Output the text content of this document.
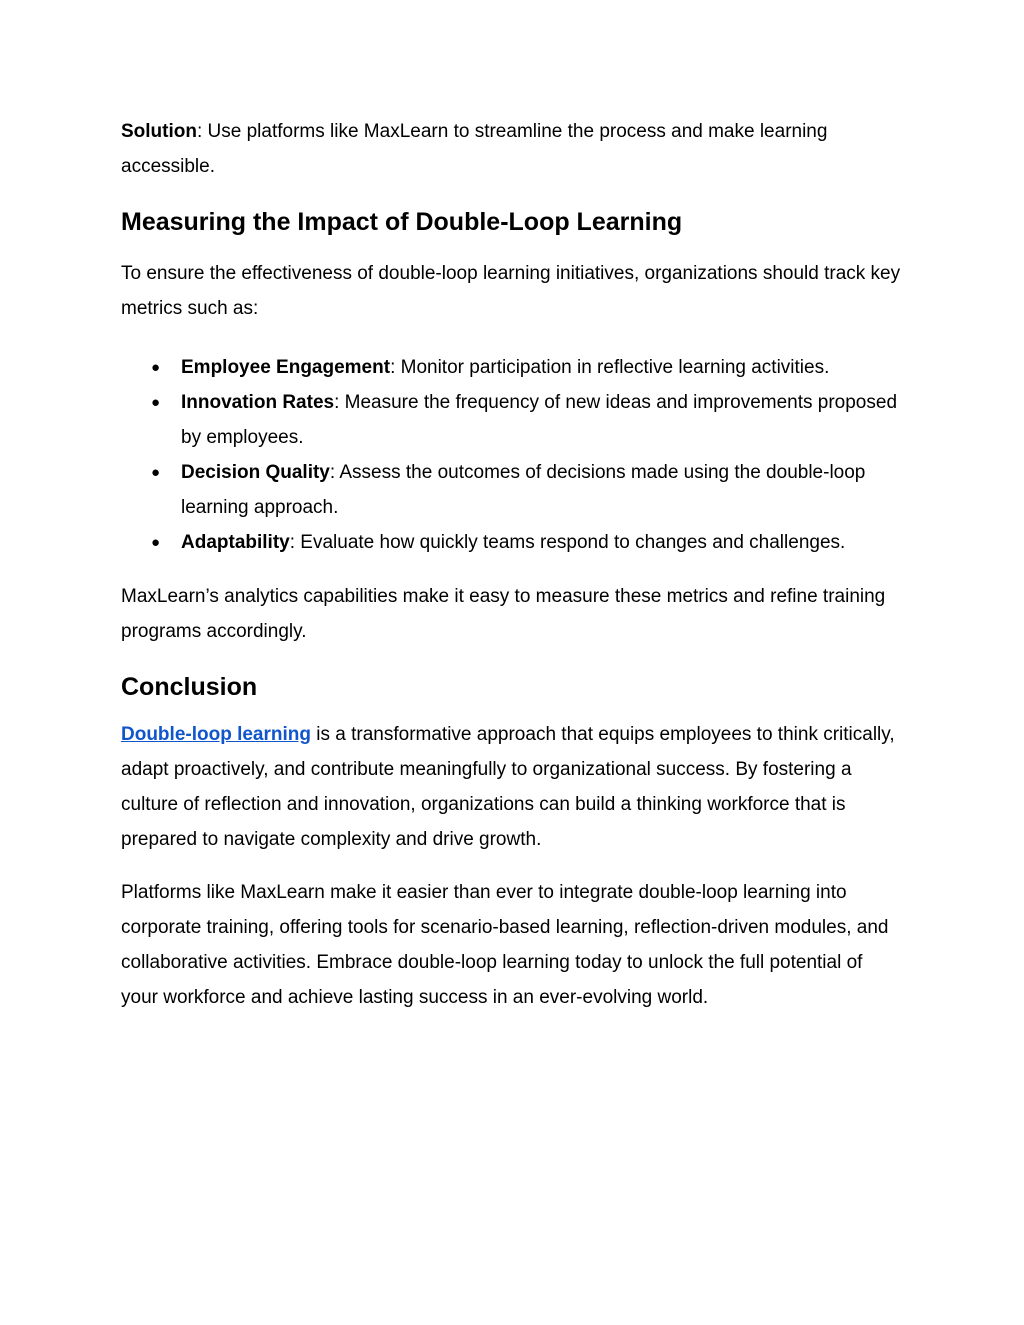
Solution: Use platforms like MaxLearn to streamline the process and make learning accessible.

Measuring the Impact of Double-Loop Learning

To ensure the effectiveness of double-loop learning initiatives, organizations should track key metrics such as:

● Employee Engagement: Monitor participation in reflective learning activities.
● Innovation Rates: Measure the frequency of new ideas and improvements proposed by employees.
● Decision Quality: Assess the outcomes of decisions made using the double-loop learning approach.
● Adaptability: Evaluate how quickly teams respond to changes and challenges.

MaxLearn’s analytics capabilities make it easy to measure these metrics and refine training programs accordingly.

Conclusion

Double-loop learning is a transformative approach that equips employees to think critically, adapt proactively, and contribute meaningfully to organizational success. By fostering a culture of reflection and innovation, organizations can build a thinking workforce that is prepared to navigate complexity and drive growth.

Platforms like MaxLearn make it easier than ever to integrate double-loop learning into corporate training, offering tools for scenario-based learning, reflection-driven modules, and collaborative activities. Embrace double-loop learning today to unlock the full potential of your workforce and achieve lasting success in an ever-evolving world.
